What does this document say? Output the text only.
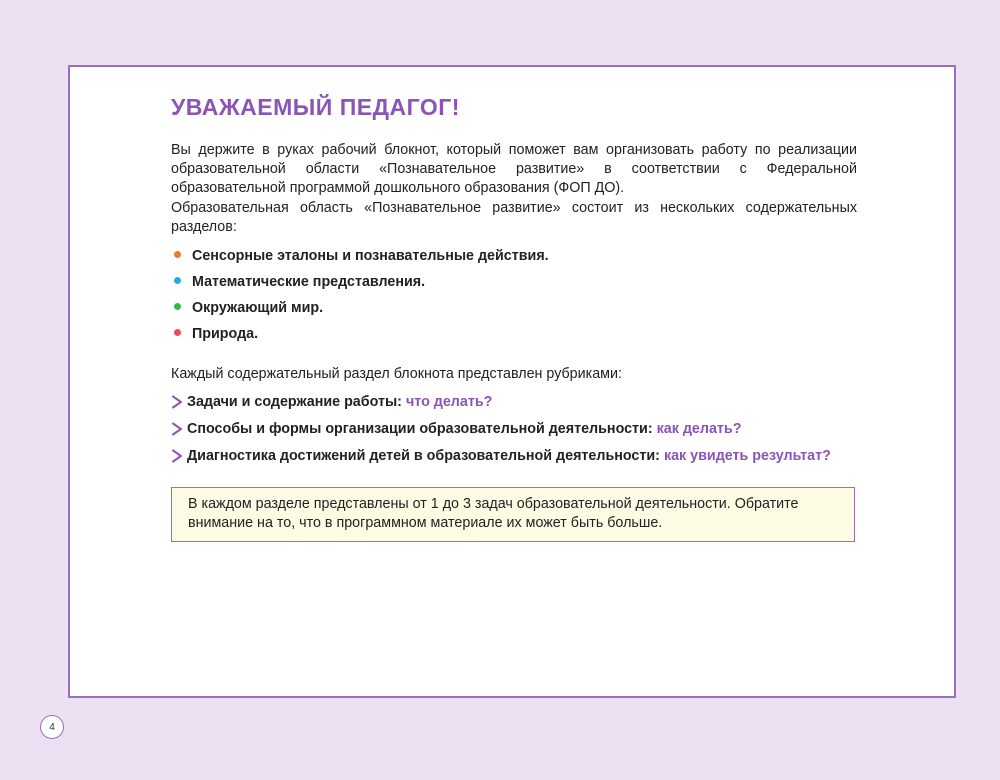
УВАЖАЕМЫЙ ПЕДАГОГ!

Вы держите в руках рабочий блокнот, который поможет вам организовать работу по реализации образовательной области «Познавательное развитие» в соответствии с Федеральной образовательной программой дошкольного образования (ФОП ДО).

Образовательная область «Познавательное развитие» состоит из нескольких содержательных разделов:

Сенсорные эталоны и познавательные действия.
Математические представления.
Окружающий мир.
Природа.

Каждый содержательный раздел блокнота представлен рубриками:

Задачи и содержание работы: что делать?
Способы и формы организации образовательной деятельности: как делать?
Диагностика достижений детей в образовательной деятельности: как увидеть результат?
В каждом разделе представлены от 1 до 3 задач образовательной деятельности. Обратите внимание на то, что в программном материале их может быть больше.
4
